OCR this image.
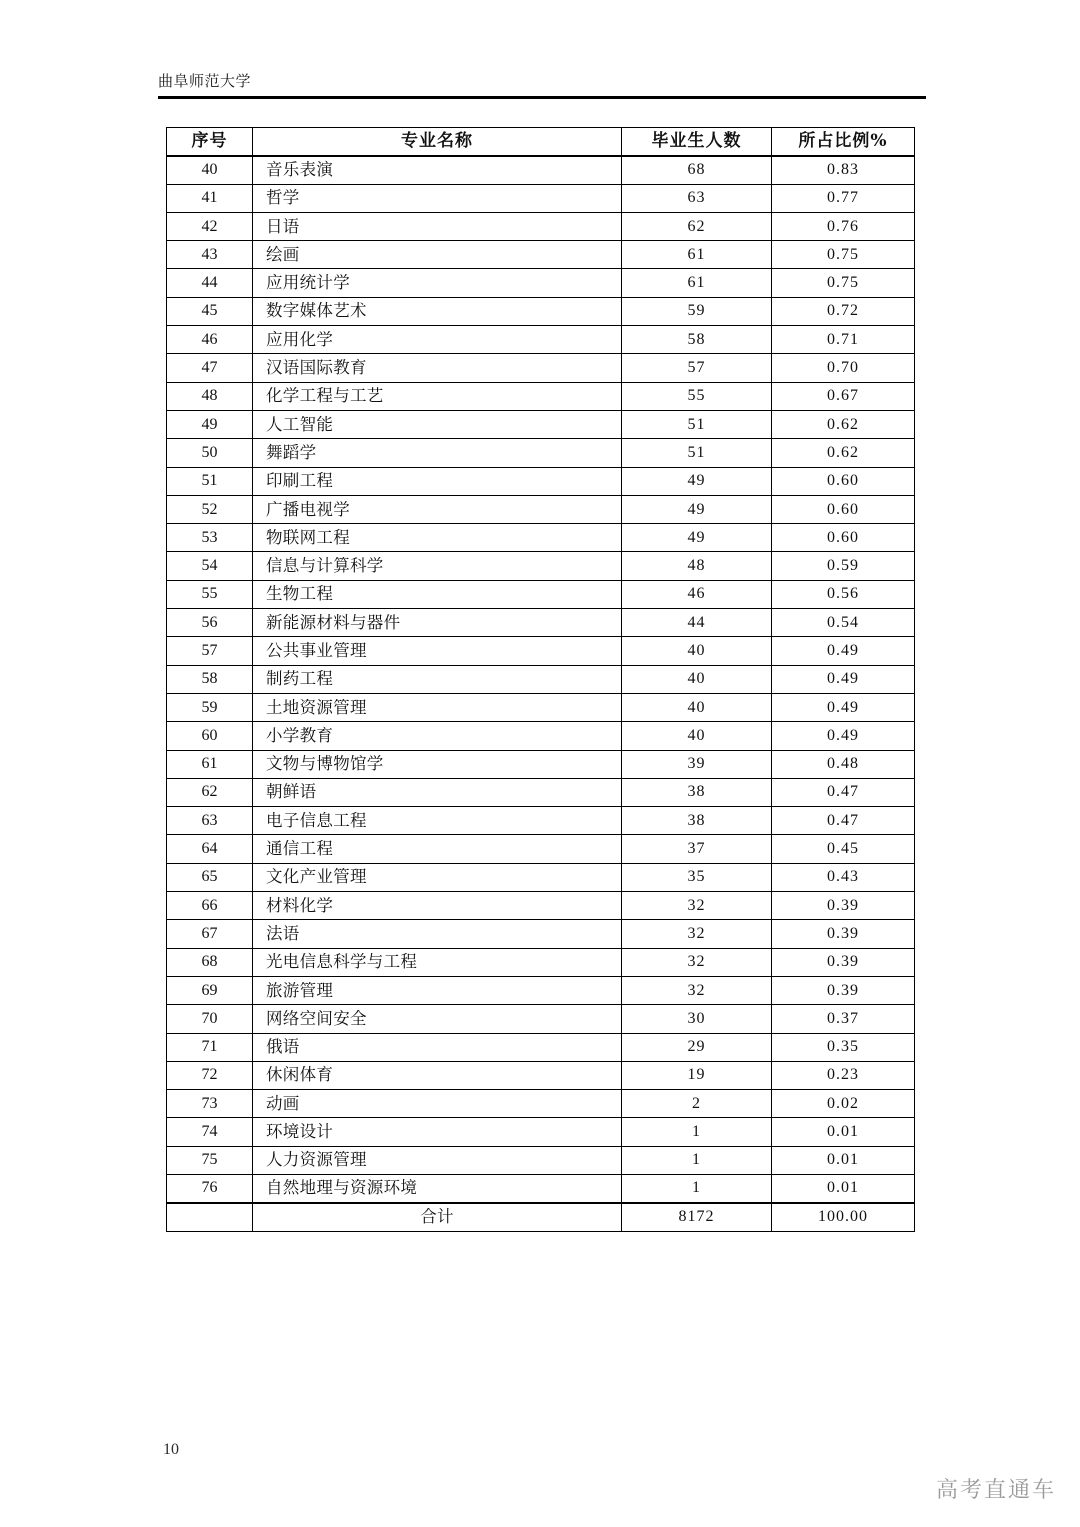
曲阜师范大学
序号	专业名称	毕业生人数	所占比例%
40	音乐表演	68	0.83
41	哲学	63	0.77
42	日语	62	0.76
43	绘画	61	0.75
44	应用统计学	61	0.75
45	数字媒体艺术	59	0.72
46	应用化学	58	0.71
47	汉语国际教育	57	0.70
48	化学工程与工艺	55	0.67
49	人工智能	51	0.62
50	舞蹈学	51	0.62
51	印刷工程	49	0.60
52	广播电视学	49	0.60
53	物联网工程	49	0.60
54	信息与计算科学	48	0.59
55	生物工程	46	0.56
56	新能源材料与器件	44	0.54
57	公共事业管理	40	0.49
58	制药工程	40	0.49
59	土地资源管理	40	0.49
60	小学教育	40	0.49
61	文物与博物馆学	39	0.48
62	朝鲜语	38	0.47
63	电子信息工程	38	0.47
64	通信工程	37	0.45
65	文化产业管理	35	0.43
66	材料化学	32	0.39
67	法语	32	0.39
68	光电信息科学与工程	32	0.39
69	旅游管理	32	0.39
70	网络空间安全	30	0.37
71	俄语	29	0.35
72	休闲体育	19	0.23
73	动画	2	0.02
74	环境设计	1	0.01
75	人力资源管理	1	0.01
76	自然地理与资源环境	1	0.01
	合计	8172	100.00
10
高考直通车
